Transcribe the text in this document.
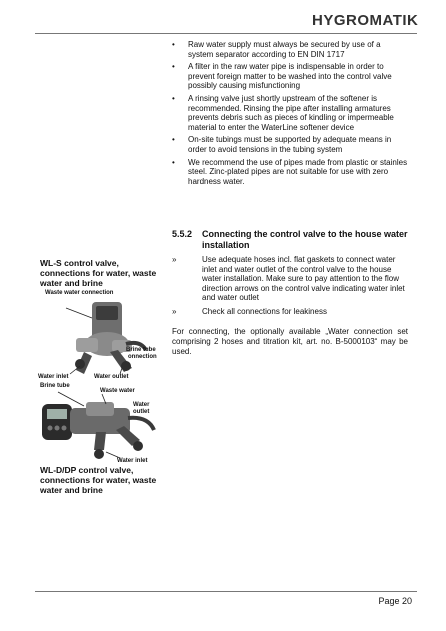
HYGROMATIK
•	Raw water supply must always be secured by use of a system separator according to EN DIN 1717
•	A filter in the raw water pipe is indispensable in order to prevent foreign matter to be washed into the control valve possibly causing misfunctioning
•	A rinsing valve just shortly upstream of the softener is recommended. Rinsing the pipe after installing armatures prevents debris such as pieces of kindling or impermeable material to enter the WaterLine softener device
•	On-site tubings must be supported by adequate means in order to avoid tensions in the tubing system
•	We recommend the use of pipes made from plastic or stainles steel. Zinc-plated pipes are not suitable for use with zero hardness water.
5.5.2 Connecting the control valve to the house water
installation
»	Use adequate hoses incl. flat gaskets to connect water inlet and water outlet of the control valve to the house water installation. Make sure to pay attention to the flow direction arrows on the control valve indicating water inlet and water outlet
»	Check all connections for leakiness
For connecting, the optionally available „Water connection set comprising 2 hoses and titration kit, art. no. B-5000103“ may be used.
WL-S control valve, connections for water, waste water and brine
Waste water connection
Brine tube
onnection
Water inlet	Water outlet
Brine tube
Waste water
Water
outlet
Water inlet
WL-D/DP control valve, connections for water, waste water and brine
Page 20
